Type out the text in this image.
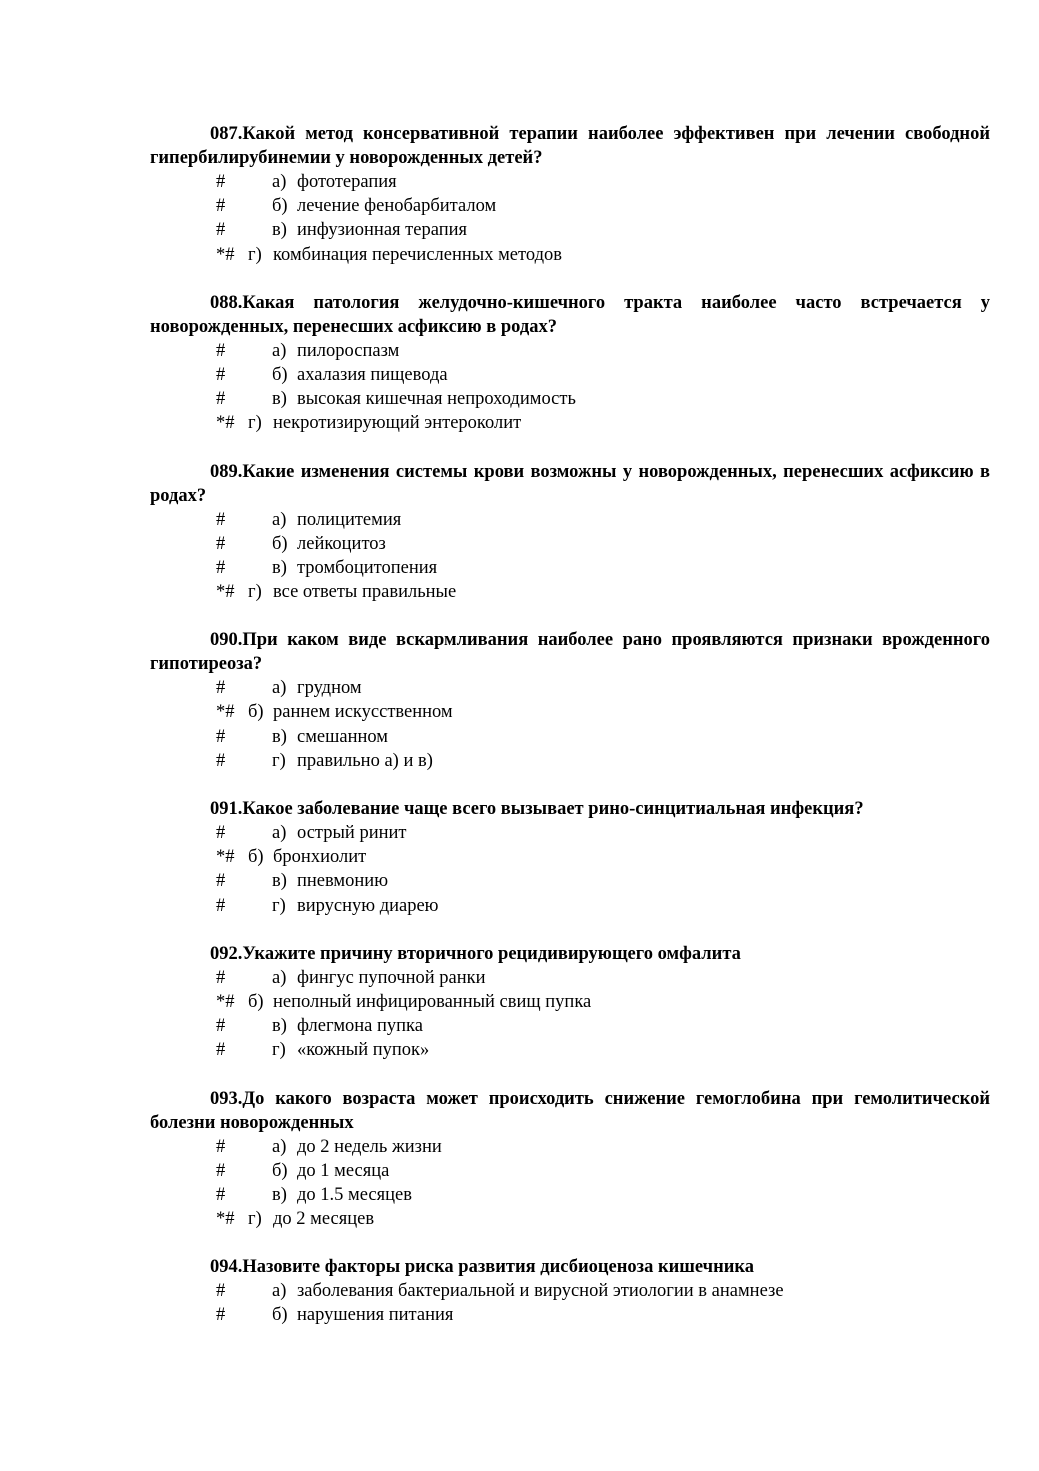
087.Какой метод консервативной терапии наиболее эффективен при лечении свободной гипербилирубинемии у новорожденных детей?

#	а) фототерапия
#	б) лечение фенобарбиталом
#	в) инфузионная терапия
*# г) комбинация перечисленных методов

088.Какая патология желудочно-кишечного тракта наиболее часто встречается у новорожденных, перенесших асфиксию в родах?

#	а) пилороспазм
#	б) ахалазия пищевода
#	в) высокая кишечная непроходимость
*# г) некротизирующий энтероколит

089.Какие изменения системы крови возможны у новорожденных, перенесших асфиксию в родах?

#	а) полицитемия
#	б) лейкоцитоз
#	в) тромбоцитопения
*# г) все ответы правильные

090.При каком виде вскармливания наиболее рано проявляются признаки врожденного гипотиреоза?

#	а) грудном
*# б) раннем искусственном
#	в) смешанном
#	г) правильно а) и в)

091.Какое заболевание чаще всего вызывает рино-синцитиальная инфекция?

#	а) острый ринит
*# б) бронхиолит
#	в) пневмонию
#	г) вирусную диарею

092.Укажите причину вторичного рецидивирующего омфалита

#	а) фингус пупочной ранки
*# б) неполный инфицированный свищ пупка
#	в) флегмона пупка
#	г) «кожный пупок»

093.До какого возраста может происходить снижение гемоглобина при гемолитической болезни новорожденных

#	а) до 2 недель жизни
#	б) до 1 месяца
#	в) до 1.5 месяцев
*# г) до 2 месяцев

094.Назовите факторы риска развития дисбиоценоза кишечника

#	а) заболевания бактериальной и вирусной этиологии в анамнезе
#	б) нарушения питания
